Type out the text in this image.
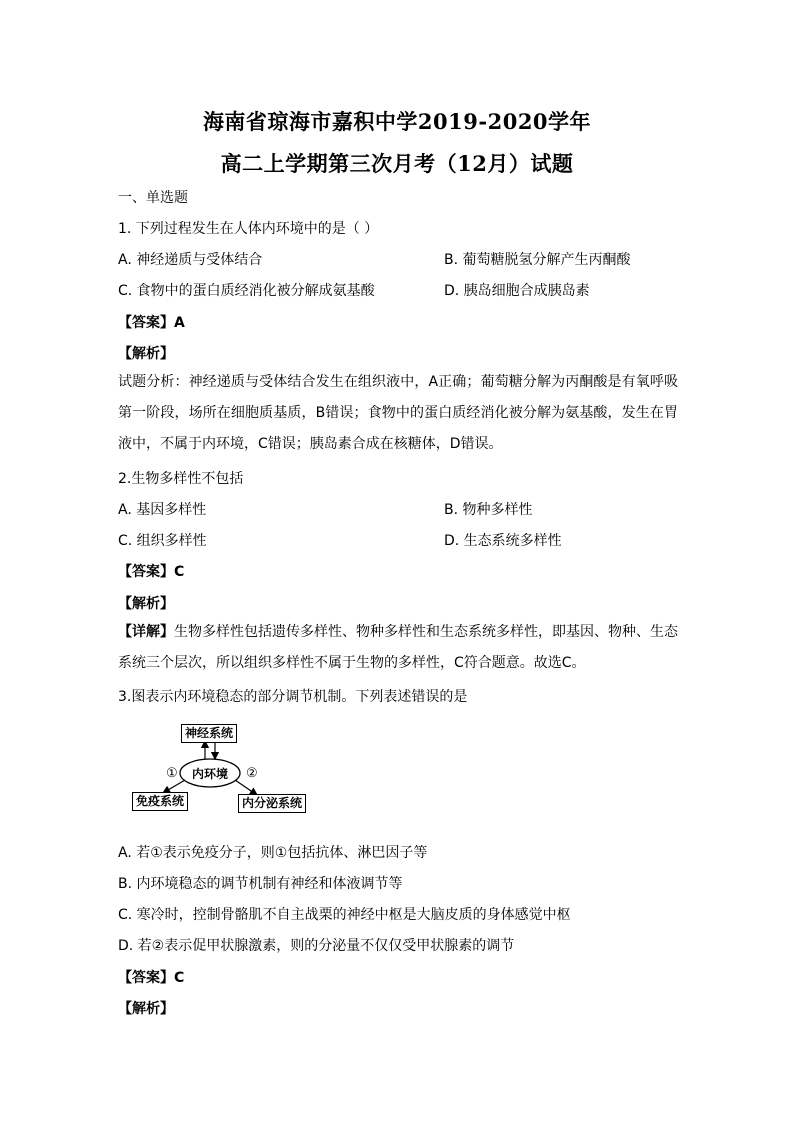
海南省琼海市嘉积中学2019-2020学年
高二上学期第三次月考（12月）试题
一、单选题
1. 下列过程发生在人体内环境中的是（ ）
A. 神经递质与受体结合	B. 葡萄糖脱氢分解产生丙酮酸
C. 食物中的蛋白质经消化被分解成氨基酸	D. 胰岛细胞合成胰岛素
【答案】A
【解析】
试题分析：神经递质与受体结合发生在组织液中，A正确；葡萄糖分解为丙酮酸是有氧呼吸第一阶段，场所在细胞质基质，B错误；食物中的蛋白质经消化被分解为氨基酸，发生在胃液中，不属于内环境，C错误；胰岛素合成在核糖体，D错误。
2.生物多样性不包括
A. 基因多样性	B. 物种多样性
C. 组织多样性	D. 生态系统多样性
【答案】C
【解析】
【详解】生物多样性包括遗传多样性、物种多样性和生态系统多样性，即基因、物种、生态系统三个层次，所以组织多样性不属于生物的多样性，C符合题意。故选C。
3.图表示内环境稳态的部分调节机制。下列表述错误的是
神经系统
内环境
免疫系统	内分泌系统
①	②
A. 若①表示免疫分子，则①包括抗体、淋巴因子等
B. 内环境稳态的调节机制有神经和体液调节等
C. 寒冷时，控制骨骼肌不自主战栗的神经中枢是大脑皮质的身体感觉中枢
D. 若②表示促甲状腺激素，则的分泌量不仅仅受甲状腺素的调节
【答案】C
【解析】
